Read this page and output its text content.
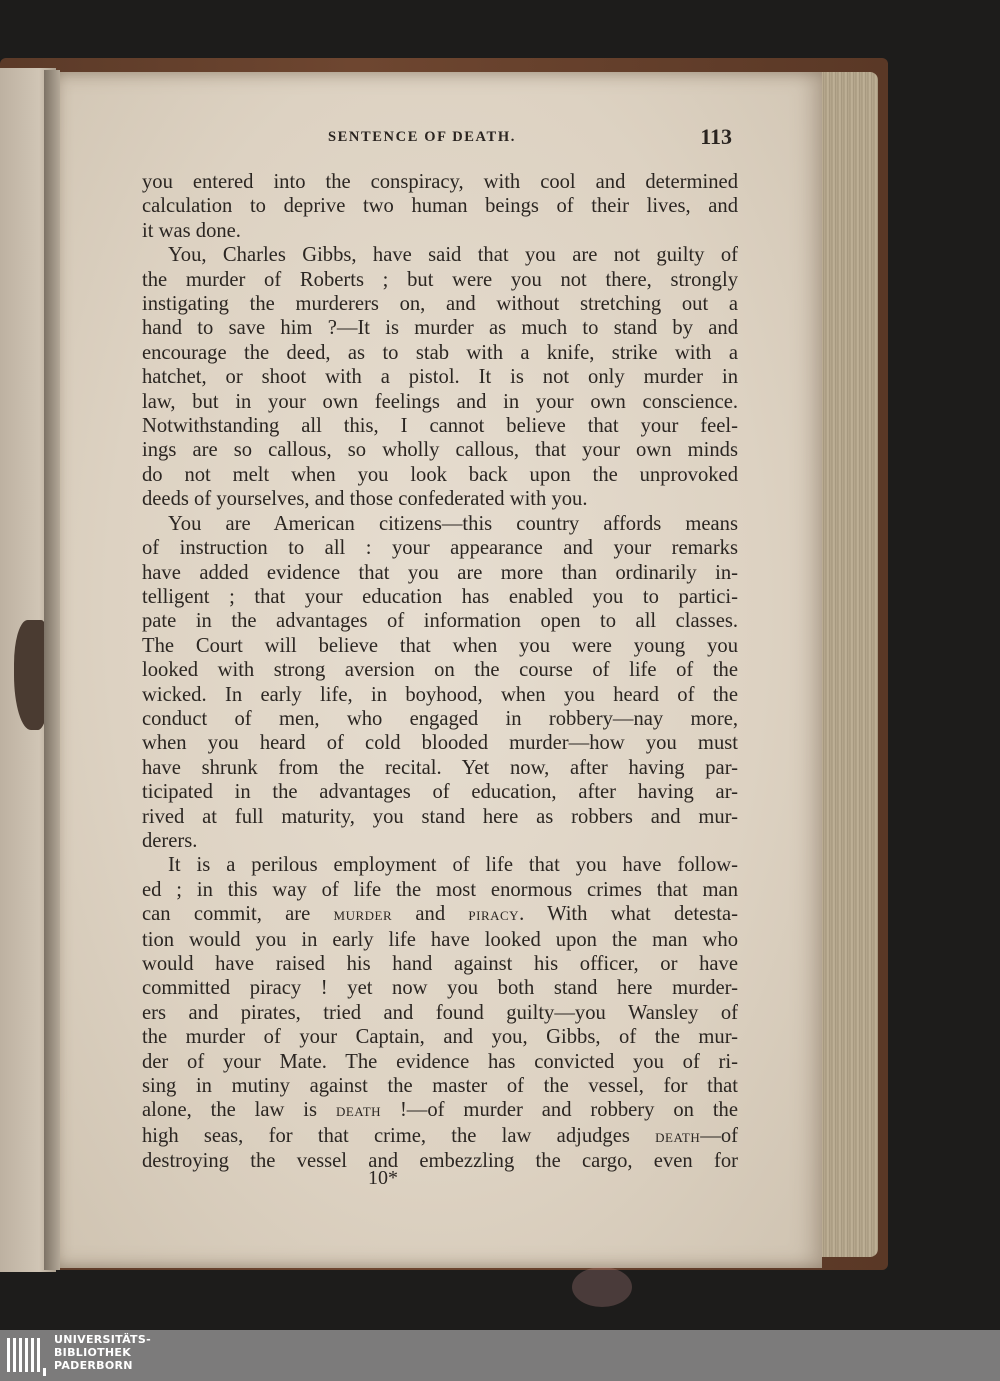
SENTENCE OF DEATH.	113
you entered into the conspiracy, with cool and determined
calculation to deprive two human beings of their lives, and
it was done.
You, Charles Gibbs, have said that you are not guilty of
the murder of Roberts ; but were you not there, strongly
instigating the murderers on, and without stretching out a
hand to save him ?—It is murder as much to stand by and
encourage the deed, as to stab with a knife, strike with a
hatchet, or shoot with a pistol. It is not only murder in
law, but in your own feelings and in your own conscience.
Notwithstanding all this, I cannot believe that your feel-
ings are so callous, so wholly callous, that your own minds
do not melt when you look back upon the unprovoked
deeds of yourselves, and those confederated with you.
You are American citizens—this country affords means
of instruction to all : your appearance and your remarks
have added evidence that you are more than ordinarily in-
telligent ; that your education has enabled you to partici-
pate in the advantages of information open to all classes.
The Court will believe that when you were young you
looked with strong aversion on the course of life of the
wicked. In early life, in boyhood, when you heard of the
conduct of men, who engaged in robbery—nay more,
when you heard of cold blooded murder—how you must
have shrunk from the recital. Yet now, after having par-
ticipated in the advantages of education, after having ar-
rived at full maturity, you stand here as robbers and mur-
derers.
It is a perilous employment of life that you have follow-
ed ; in this way of life the most enormous crimes that man
can commit, are murder and piracy. With what detesta-
tion would you in early life have looked upon the man who
would have raised his hand against his officer, or have
committed piracy ! yet now you both stand here murder-
ers and pirates, tried and found guilty—you Wansley of
the murder of your Captain, and you, Gibbs, of the mur-
der of your Mate. The evidence has convicted you of ri-
sing in mutiny against the master of the vessel, for that
alone, the law is death !—of murder and robbery on the
high seas, for that crime, the law adjudges death—of
destroying the vessel and embezzling the cargo, even for
10*
UNIVERSITÄTS-
BIBLIOTHEK
PADERBORN
